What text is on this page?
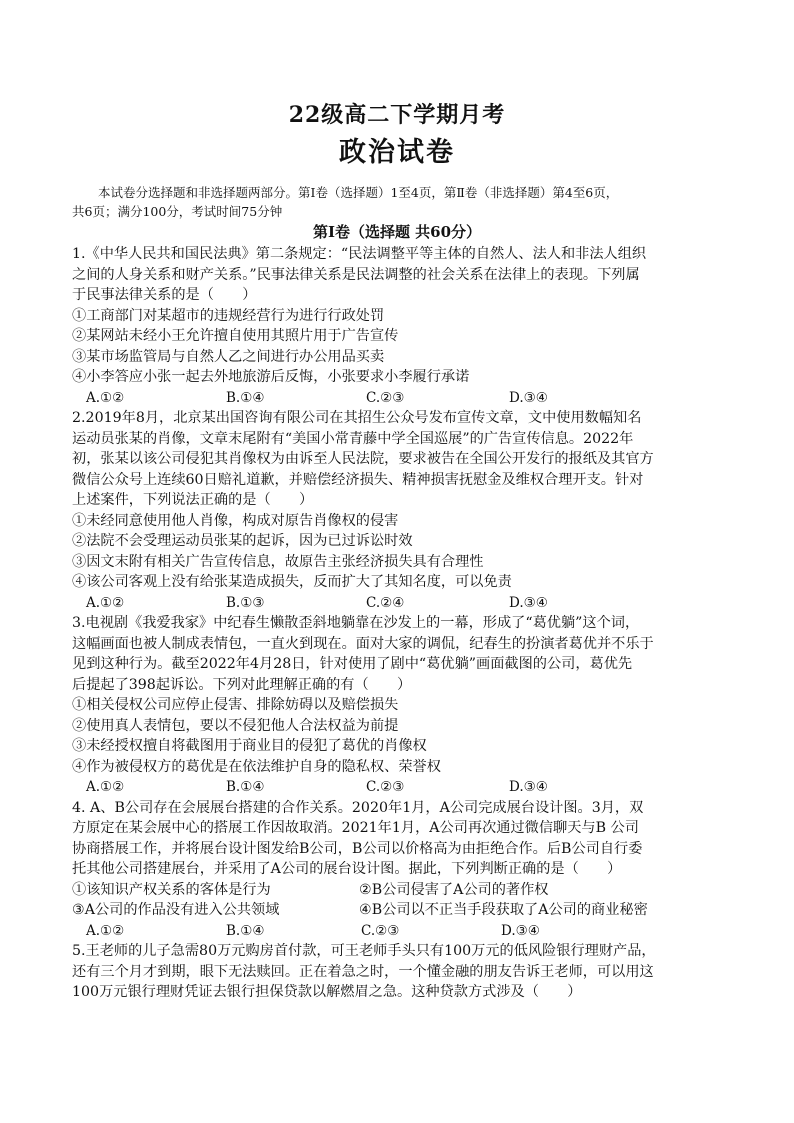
22级高二下学期月考
政治试卷
本试卷分选择题和非选择题两部分。第Ⅰ卷（选择题）1至4页，第Ⅱ卷（非选择题）第4至6页，
共6页；满分100分，考试时间75分钟
第Ⅰ卷（选择题 共60分）
1.《中华人民共和国民法典》第二条规定：“民法调整平等主体的自然人、法人和非法人组织
之间的人身关系和财产关系。”民事法律关系是民法调整的社会关系在法律上的表现。下列属
于民事法律关系的是（　　）
①工商部门对某超市的违规经营行为进行行政处罚
②某网站未经小王允许擅自使用其照片用于广告宣传
③某市场监管局与自然人乙之间进行办公用品买卖
④小李答应小张一起去外地旅游后反悔，小张要求小李履行承诺
A.①②	B.①④	C.②③	D.③④
2.2019年8月，北京某出国咨询有限公司在其招生公众号发布宣传文章，文中使用数幅知名
运动员张某的肖像，文章末尾附有“美国小常青藤中学全国巡展”的广告宣传信息。2022年
初，张某以该公司侵犯其肖像权为由诉至人民法院，要求被告在全国公开发行的报纸及其官方
微信公众号上连续60日赔礼道歉，并赔偿经济损失、精神损害抚慰金及维权合理开支。针对
上述案件，下列说法正确的是（　　）
①未经同意使用他人肖像，构成对原告肖像权的侵害
②法院不会受理运动员张某的起诉，因为已过诉讼时效
③因文末附有相关广告宣传信息，故原告主张经济损失具有合理性
④该公司客观上没有给张某造成损失，反而扩大了其知名度，可以免责
A.①②	B.①③	C.②④	D.③④
3.电视剧《我爱我家》中纪春生懒散歪斜地躺靠在沙发上的一幕，形成了“葛优躺”这个词，
这幅画面也被人制成表情包，一直火到现在。面对大家的调侃，纪春生的扮演者葛优并不乐于
见到这种行为。截至2022年4月28日，针对使用了剧中“葛优躺”画面截图的公司，葛优先
后提起了398起诉讼。下列对此理解正确的有（　　）
①相关侵权公司应停止侵害、排除妨碍以及赔偿损失
②使用真人表情包，要以不侵犯他人合法权益为前提
③未经授权擅自将截图用于商业目的侵犯了葛优的肖像权
④作为被侵权方的葛优是在依法维护自身的隐私权、荣誉权
A.①②	B.①④	C.②③	D.③④
4. A、B公司存在会展展台搭建的合作关系。2020年1月，A公司完成展台设计图。3月，双
方原定在某会展中心的搭展工作因故取消。2021年1月，A公司再次通过微信聊天与B 公司
协商搭展工作，并将展台设计图发给B公司，B公司以价格高为由拒绝合作。后B公司自行委
托其他公司搭建展台，并采用了A公司的展台设计图。据此，下列判断正确的是（　　）
①该知识产权关系的客体是行为	②B公司侵害了A公司的著作权
③A公司的作品没有进入公共领域	④B公司以不正当手段获取了A公司的商业秘密
A.①②	B.①④	C.②③	D.③④
5.王老师的儿子急需80万元购房首付款，可王老师手头只有100万元的低风险银行理财产品，
还有三个月才到期，眼下无法赎回。正在着急之时，一个懂金融的朋友告诉王老师，可以用这
100万元银行理财凭证去银行担保贷款以解燃眉之急。这种贷款方式涉及（　　）
